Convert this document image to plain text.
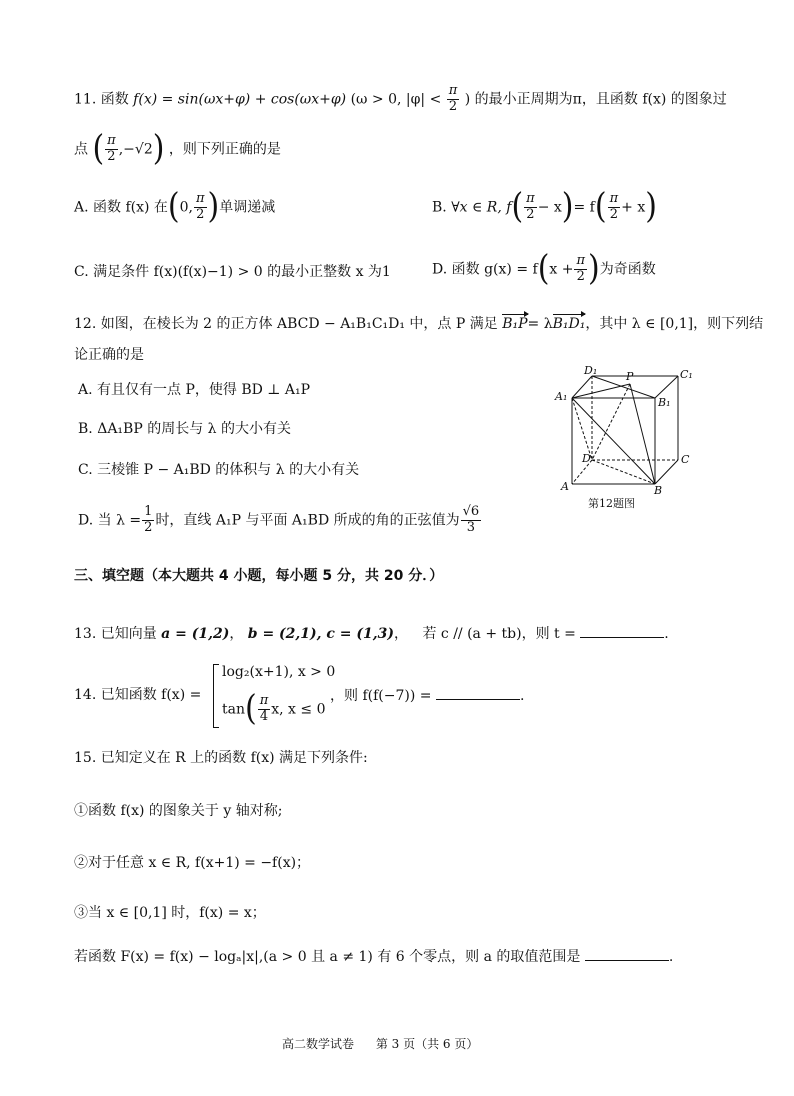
11. 函数 f(x) = sin(ωx+φ) + cos(ωx+φ) (ω > 0, $|\varphi| < \frac{\pi}{2}$ ) 的最小正周期为π，且函数 f(x) 的图象过
点 ( $\frac{\pi}{2} ,-√2$) ，则下列正确的是
A. 函数 f(x) 在(0, $\frac{\pi}{2}$ )单调递减	B. ∀x ∈ R, $f( \frac{\pi}{2} - x)= f( \frac{\pi}{2} + x)$
C. 满足条件 f(x)(f(x)−1) > 0 的最小正整数 x 为1	D. 函数 $g(x) = f(x + \frac{\pi}{2}$ )为奇函数
12. 如图，在棱长为 2 的正方体 ABCD − A₁B₁C₁D₁ 中，点 P 满足 B₁P= λB₁D₁，其中 λ ∈ [0,1]，则下列结
论正确的是
A. 有且仅有一点 P，使得 BD ⊥ A₁P
B. ΔA₁BP 的周长与 λ 的大小有关
C. 三棱锥 P − A₁BD 的体积与 λ 的大小有关
D. 当 $\lambda = \frac{1}{2}$ 时，直线 A₁P 与平面 A₁BD 所成的角的正弦值为 $\frac{√6}{3}$
D₁	P	C₁
A₁	B₁
D	C
A	B
第12题图
三、填空题（本大题共 4 小题，每小题 5 分，共 20 分．）
13. 已知向量 a = (1,2)， b = (2,1), c = (1,3)， 若 c // (a + tb)，则 t =	.
14. 已知函数 f(x) =
log₂(x+1), x > 0
$\tan( \frac{\pi}{4} x$, x ≤ 0
，则 f(f(−7)) =	.
15. 已知定义在 R 上的函数 f(x) 满足下列条件:
①函数 f(x) 的图象关于 y 轴对称;
②对于任意 x ∈ R, f(x+1) = −f(x)；
③当 x ∈ [0,1] 时，f(x) = x；
若函数 F(x) = f(x) − logₐ|x|,(a > 0 且 a ≠ 1) 有 6 个零点，则 a 的取值范围是	.
高二数学试卷 第 3 页（共 6 页）
